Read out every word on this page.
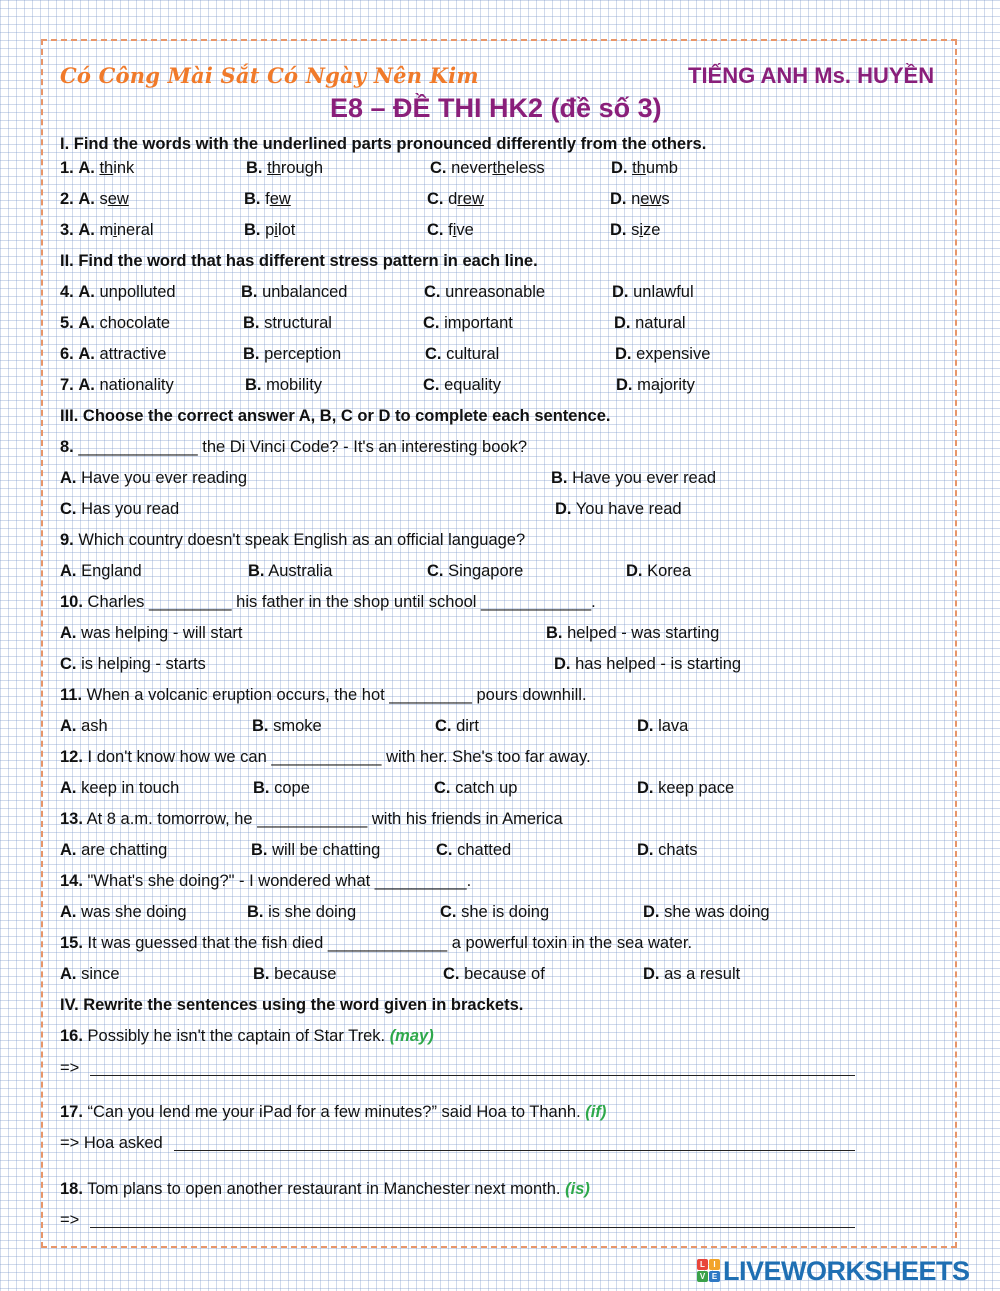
Có Công Mài Sắt Có Ngày Nên Kim	TIẾNG ANH Ms. HUYỀN
E8 – ĐỀ THI HK2 (đề số 3)
I. Find the words with the underlined parts pronounced differently from the others.
1. A. think	B. through	C. nevertheless	D. thumb
2. A. sew	B. few	C. drew	D. news
3. A. mineral	B. pilot	C. five	D. size
II. Find the word that has different stress pattern in each line.
4. A. unpolluted	B. unbalanced	C. unreasonable	D. unlawful
5. A. chocolate	B. structural	C. important	D. natural
6. A. attractive	B. perception	C. cultural	D. expensive
7. A. nationality	B. mobility	C. equality	D. majority
III. Choose the correct answer A, B, C or D to complete each sentence.
8. _____________ the Di Vinci Code? - It's an interesting book?
A. Have you ever reading	B. Have you ever read
C. Has you read	D. You have read
9. Which country doesn't speak English as an official language?
A. England	B. Australia	C. Singapore	D. Korea
10. Charles _________ his father in the shop until school ____________.
A. was helping - will start	B. helped - was starting
C. is helping - starts	D. has helped - is starting
11. When a volcanic eruption occurs, the hot _________ pours downhill.
A. ash	B. smoke	C. dirt	D. lava
12. I don't know how we can ____________ with her. She's too far away.
A. keep in touch	B. cope	C. catch up	D. keep pace
13. At 8 a.m. tomorrow, he ____________ with his friends in America
A. are chatting	B. will be chatting	C. chatted	D. chats
14. "What's she doing?" - I wondered what __________.
A. was she doing	B. is she doing	C. she is doing	D. she was doing
15. It was guessed that the fish died _____________ a powerful toxin in the sea water.
A. since	B. because	C. because of	D. as a result
IV. Rewrite the sentences using the word given in brackets.
16. Possibly he isn't the captain of Star Trek. (may)
=>
17. “Can you lend me your iPad for a few minutes?” said Hoa to Thanh. (if)
=> Hoa asked
18. Tom plans to open another restaurant in Manchester next month. (is)
=>
L	I
V E LIVEWORKSHEETS
